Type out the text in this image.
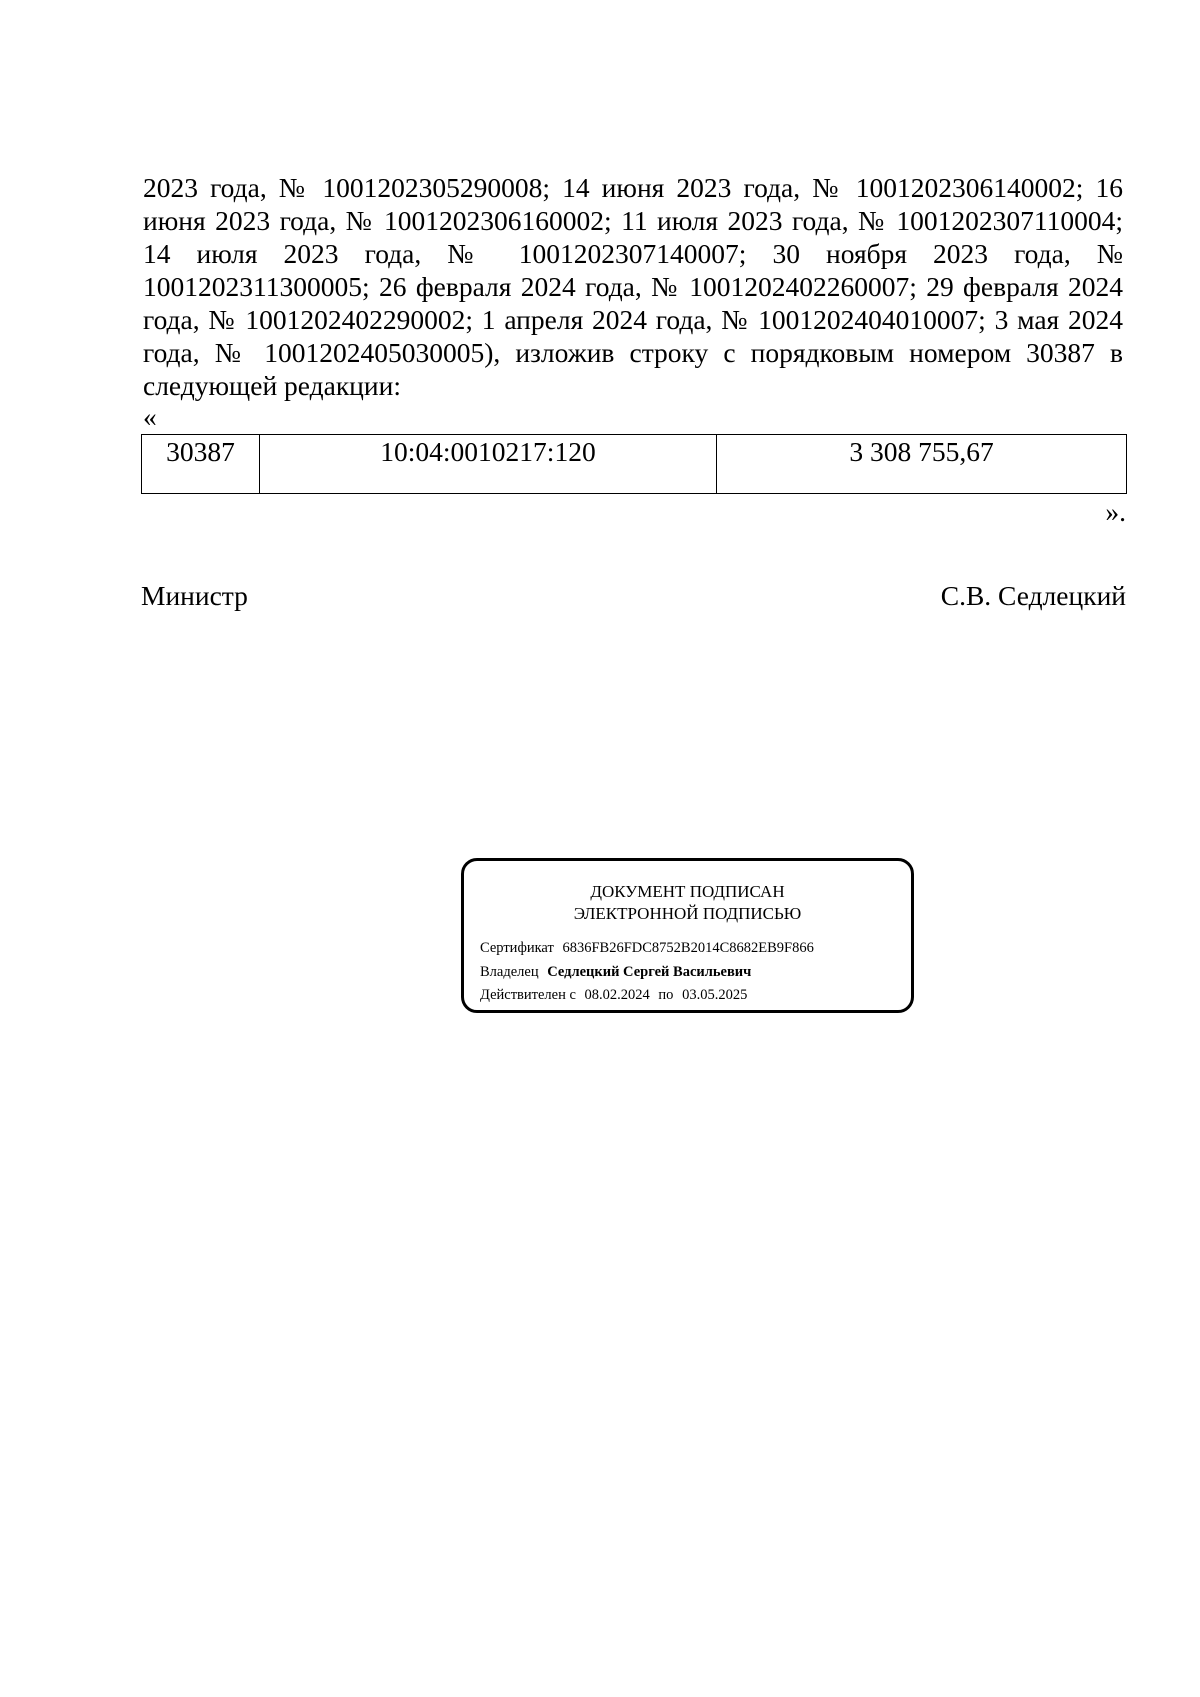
2023 года, № 1001202305290008; 14 июня 2023 года, № 1001202306140002; 16 июня 2023 года, № 1001202306160002; 11 июля 2023 года, № 1001202307110004; 14 июля 2023 года, № 1001202307140007; 30 ноября 2023 года, № 1001202311300005; 26 февраля 2024 года, № 1001202402260007; 29 февраля 2024 года, № 1001202402290002; 1 апреля 2024 года, № 1001202404010007; 3 мая 2024 года, № 1001202405030005), изложив строку с порядковым номером 30387 в следующей редакции:

«
30387	10:04:0010217:120	3 308 755,67
».
Министр	С.В. Седлецкий
ДОКУМЕНТ ПОДПИСАН
ЭЛЕКТРОННОЙ ПОДПИСЬЮ
Сертификат 6836FB26FDC8752B2014C8682EB9F866
Владелец Седлецкий Сергей Васильевич
Действителен с 08.02.2024 по 03.05.2025
